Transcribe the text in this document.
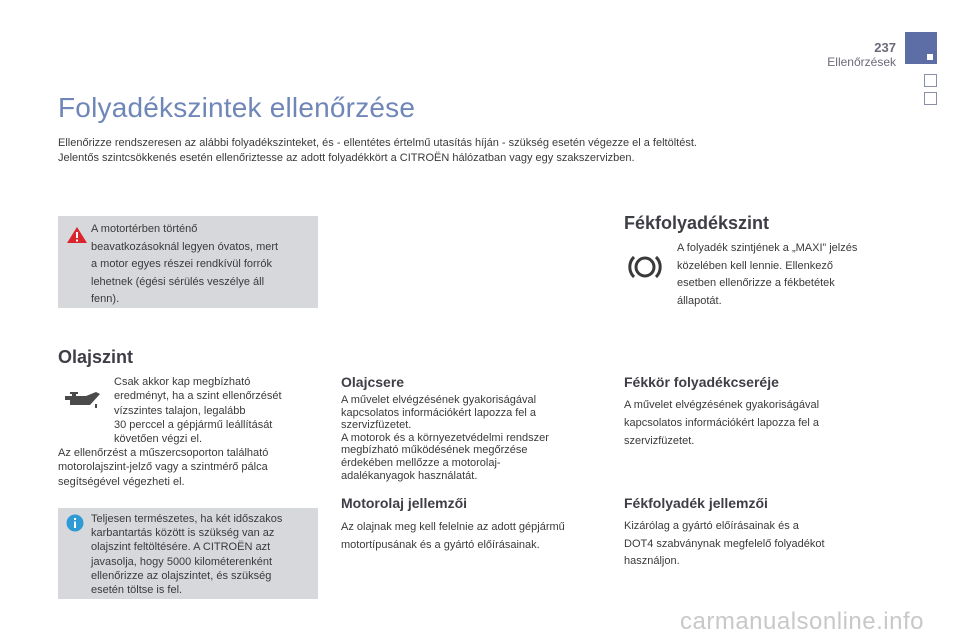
237
Ellenőrzések
Folyadékszintek ellenőrzése
Ellenőrizze rendszeresen az alábbi folyadékszinteket, és - ellentétes értelmű utasítás híján - szükség esetén végezze el a feltöltést.
Jelentős szintcsökkenés esetén ellenőriztesse az adott folyadékkört a CITROËN hálózatban vagy egy szakszervizben.
A motortérben történő
beavatkozásoknál legyen óvatos, mert
a motor egyes részei rendkívül forrók
lehetnek (égési sérülés veszélye áll
fenn).
Olajszint
Csak akkor kap megbízható
eredményt, ha a szint ellenőrzését
vízszintes talajon, legalább
30 perccel a gépjármű leállítását
követően végzi el.
Az ellenőrzést a műszercsoporton található
motorolajszint-jelző vagy a szintmérő pálca
segítségével végezheti el.
Teljesen természetes, ha két időszakos
karbantartás között is szükség van az
olajszint feltöltésére. A CITROËN azt
javasolja, hogy 5000 kilométerenként
ellenőrizze az olajszintet, és szükség
esetén töltse is fel.
Olajcsere
A művelet elvégzésének gyakoriságával
kapcsolatos információkért lapozza fel a
szervizfüzetet.
A motorok és a környezetvédelmi rendszer
megbízható működésének megőrzése
érdekében mellőzze a motorolaj-
adalékanyagok használatát.
Motorolaj jellemzői
Az olajnak meg kell felelnie az adott gépjármű
motortípusának és a gyártó előírásainak.
Fékfolyadékszint
A folyadék szintjének a „MAXI” jelzés
közelében kell lennie. Ellenkező
esetben ellenőrizze a fékbetétek
állapotát.
Fékkör folyadékcseréje
A művelet elvégzésének gyakoriságával
kapcsolatos információkért lapozza fel a
szervizfüzetet.
Fékfolyadék jellemzői
Kizárólag a gyártó előírásainak és a
DOT4 szabványnak megfelelő folyadékot
használjon.
carmanualsonline.info
